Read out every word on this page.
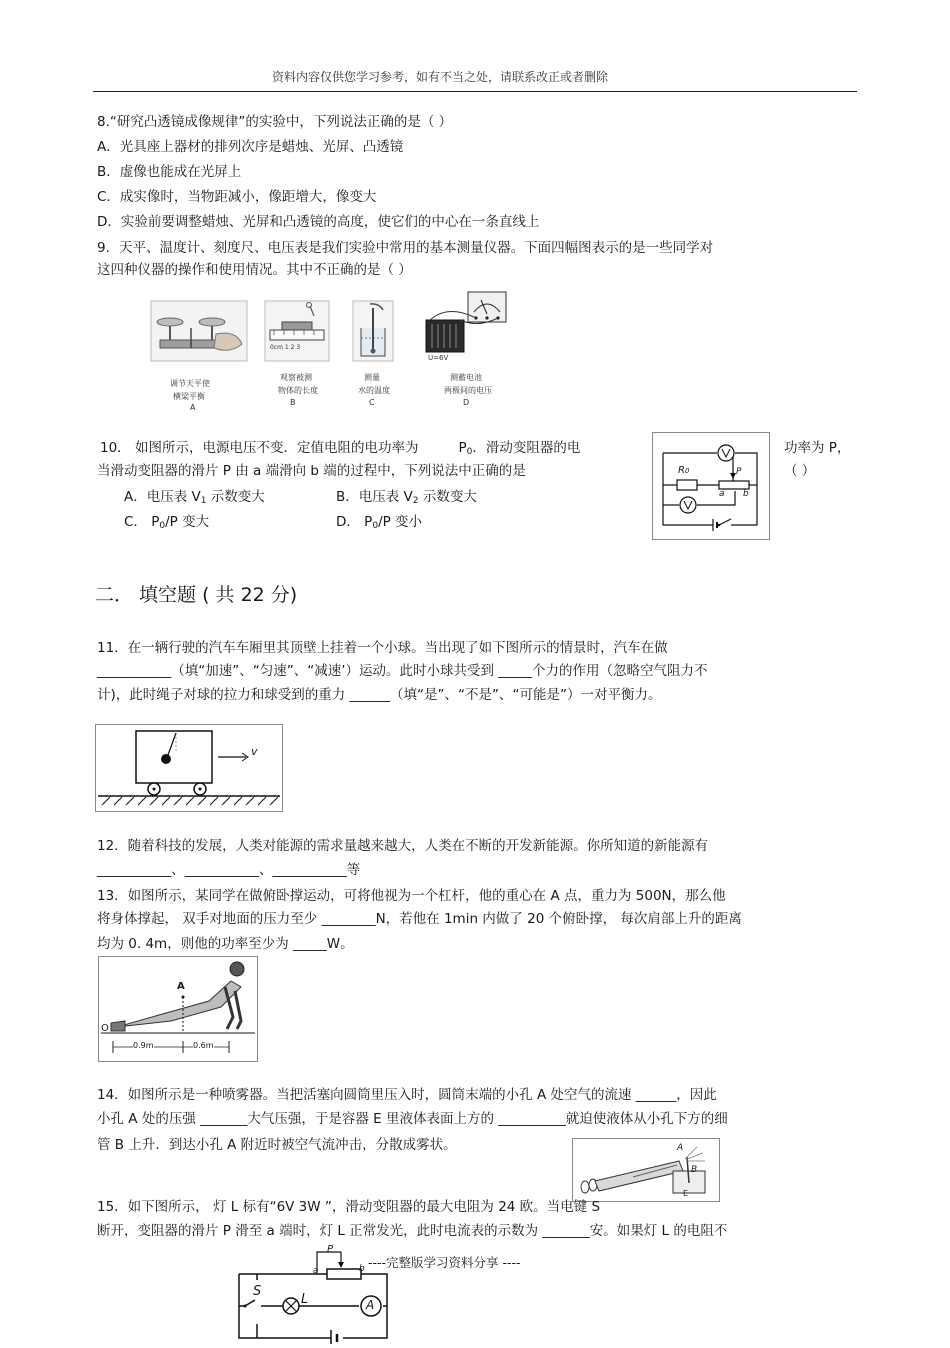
资料内容仅供您学习参考，如有不当之处，请联系改正或者删除
8.“研究凸透镜成像规律”的实验中，下列说法正确的是（ ）
A．光具座上器材的排列次序是蜡烛、光屏、凸透镜
B．虚像也能成在光屏上
C．成实像时，当物距减小，像距增大，像变大
D．实验前要调整蜡烛、光屏和凸透镜的高度，使它们的中心在一条直线上
9．天平、温度计、刻度尺、电压表是我们实验中常用的基本测量仪器。下面四幅图表示的是一些同学对
这四种仪器的操作和使用情况。其中不正确的是（ ）
0cm 1 2 3
U=6V
调节天平使
横梁平衡
A
观察被测
物体的长度
B
测量
水的温度
C
测蓄电池
两极间的电压
D
10． 如图所示，电源电压不变．定值电阻的电功率为	$P_0$．滑动变阻器的电	功率为 P，
当滑动变阻器的滑片 P 由 a 端滑向 b 端的过程中，下列说法中正确的是	（ ）
A．电压表 $V_1$ 示数变大	B．电压表 $V_2$ 示数变大
C． $P_0/P$ 变大	D． $P_0/P$ 变小
R0
a b
P
二． 填空题 ( 共 22 分)
11．在一辆行驶的汽车车厢里其顶壁上挂着一个小球。当出现了如下图所示的情景时，汽车在做
___________（填“加速”、“匀速”、“减速’）运动。此时小球共受到 _____个力的作用（忽略空气阻力不
计)，此时绳子对球的拉力和球受到的重力 ______（填“是”、“不是”、“可能是”）一对平衡力。
v
12．随着科技的发展，人类对能源的需求量越来越大，人类在不断的开发新能源。你所知道的新能源有
___________、___________、___________等
13．如图所示，某同学在做俯卧撑运动，可将他视为一个杠杆，他的重心在 A 点，重力为 500N，那么他
将身体撑起， 双手对地面的压力至少 ________N，若他在 1min 内做了 20 个俯卧撑， 每次肩部上升的距离
均为 0. 4m，则他的功率至少为 _____W。
A
O
0.9m	0.6m
14．如图所示是一种喷雾器。当把活塞向圆筒里压入时，圆筒末端的小孔 A 处空气的流速 ______，因此
小孔 A 处的压强 _______大气压强，于是容器 E 里液体表面上方的 __________就迫使液体从小孔下方的细
管 B 上升．到达小孔 A 附近时被空气流冲击，分散成雾状。	A
B
E
15．如下图所示， 灯 L 标有“6V 3W ”，滑动变阻器的最大电阻为 24 欧。当电键 S
断开，变阻器的滑片 P 滑至 a 端时，灯 L 正常发光，此时电流表的示数为 _______安。如果灯 L 的电阻不
P
a	b
S
L	A
----完整版学习资料分享 ----
